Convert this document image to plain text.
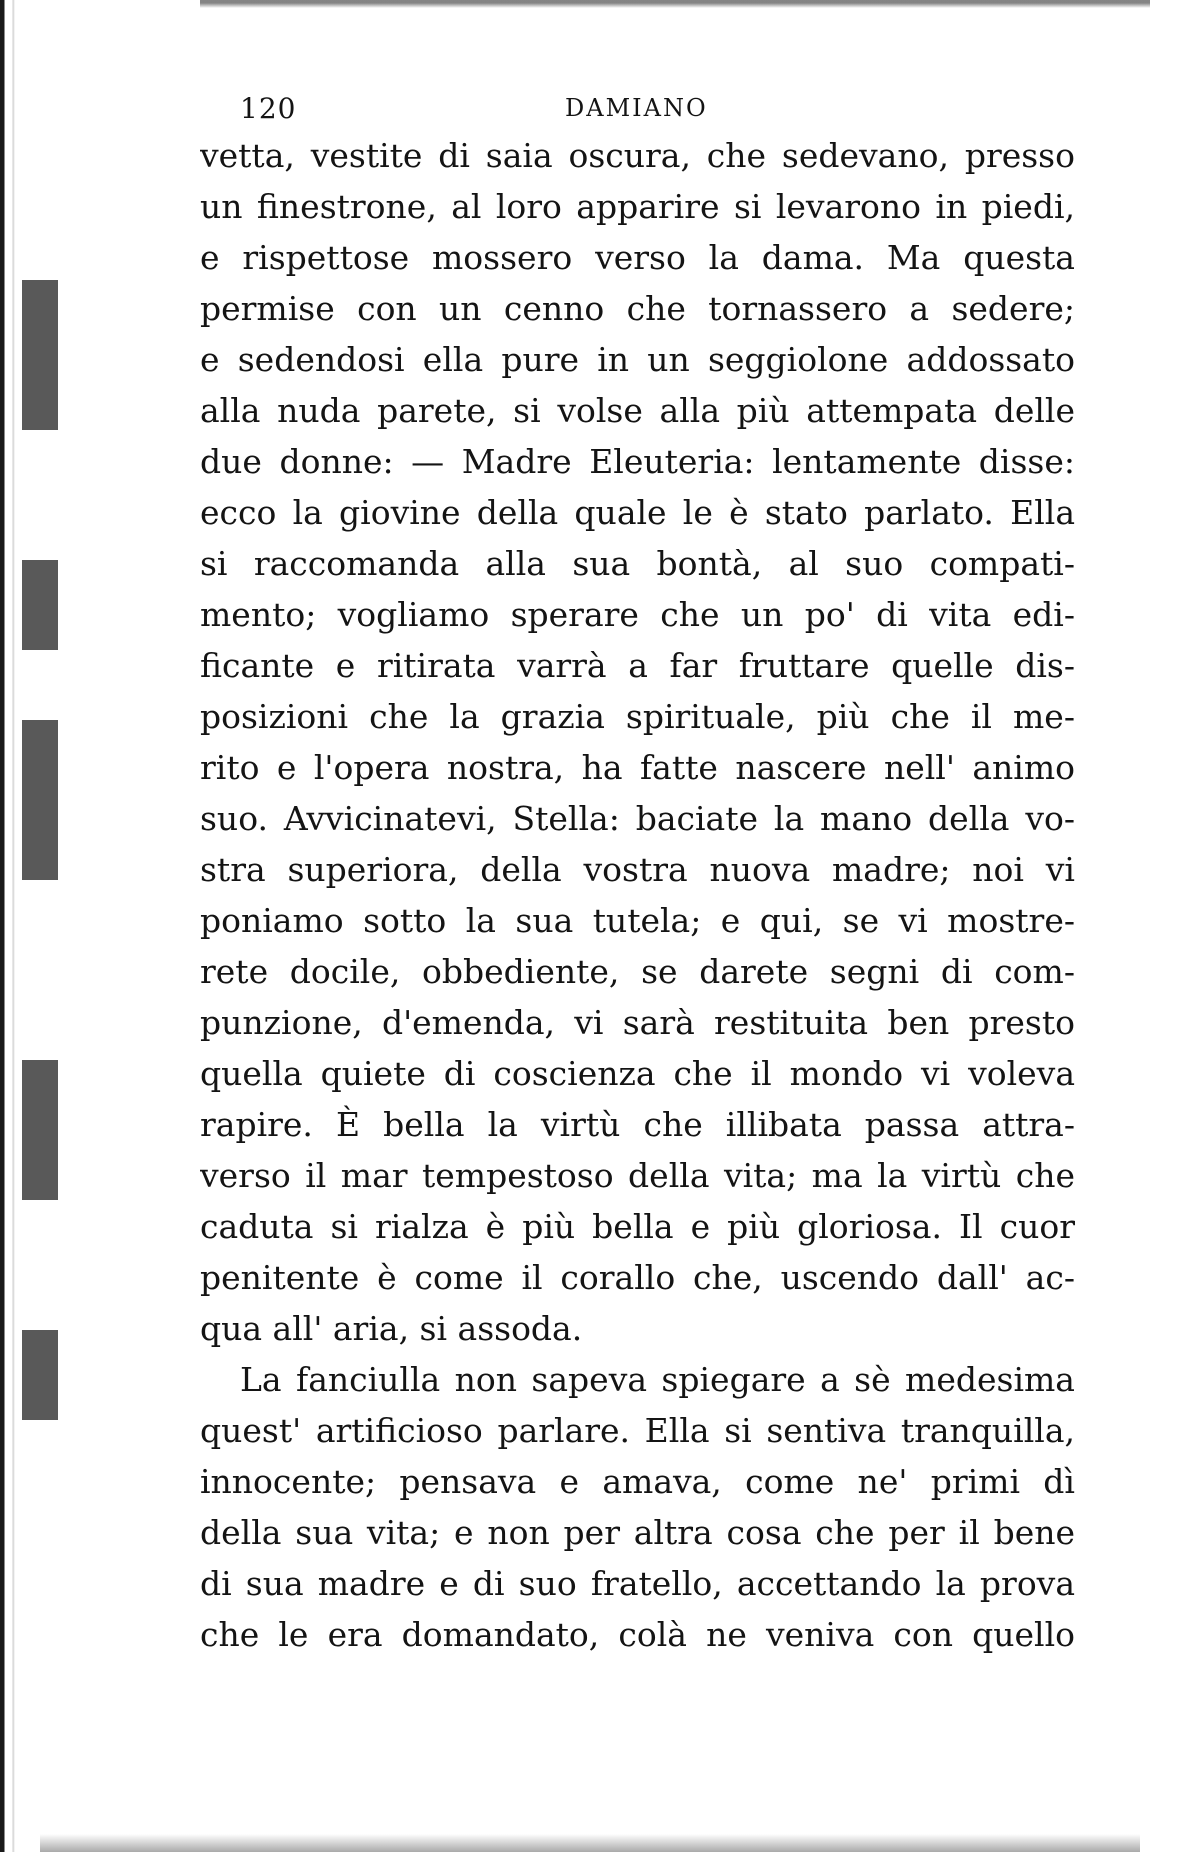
120	DAMIANO
vetta, vestite di saia oscura, che sedevano, presso
un finestrone, al loro apparire si levarono in piedi,
e rispettose mossero verso la dama. Ma questa
permise con un cenno che tornassero a sedere;
e sedendosi ella pure in un seggiolone addossato
alla nuda parete, si volse alla più attempata delle
due donne: — Madre Eleuteria: lentamente disse:
ecco la giovine della quale le è stato parlato. Ella
si raccomanda alla sua bontà, al suo compati-
mento; vogliamo sperare che un po' di vita edi-
ficante e ritirata varrà a far fruttare quelle dis-
posizioni che la grazia spirituale, più che il me-
rito e l'opera nostra, ha fatte nascere nell' animo
suo. Avvicinatevi, Stella: baciate la mano della vo-
stra superiora, della vostra nuova madre; noi vi
poniamo sotto la sua tutela; e qui, se vi mostre-
rete docile, obbediente, se darete segni di com-
punzione, d'emenda, vi sarà restituita ben presto
quella quiete di coscienza che il mondo vi voleva
rapire. È bella la virtù che illibata passa attra-
verso il mar tempestoso della vita; ma la virtù che
caduta si rialza è più bella e più gloriosa. Il cuor
penitente è come il corallo che, uscendo dall' ac-
qua all' aria, si assoda.
La fanciulla non sapeva spiegare a sè medesima
quest' artificioso parlare. Ella si sentiva tranquilla,
innocente; pensava e amava, come ne' primi dì
della sua vita; e non per altra cosa che per il bene
di sua madre e di suo fratello, accettando la prova
che le era domandato, colà ne veniva con quello
